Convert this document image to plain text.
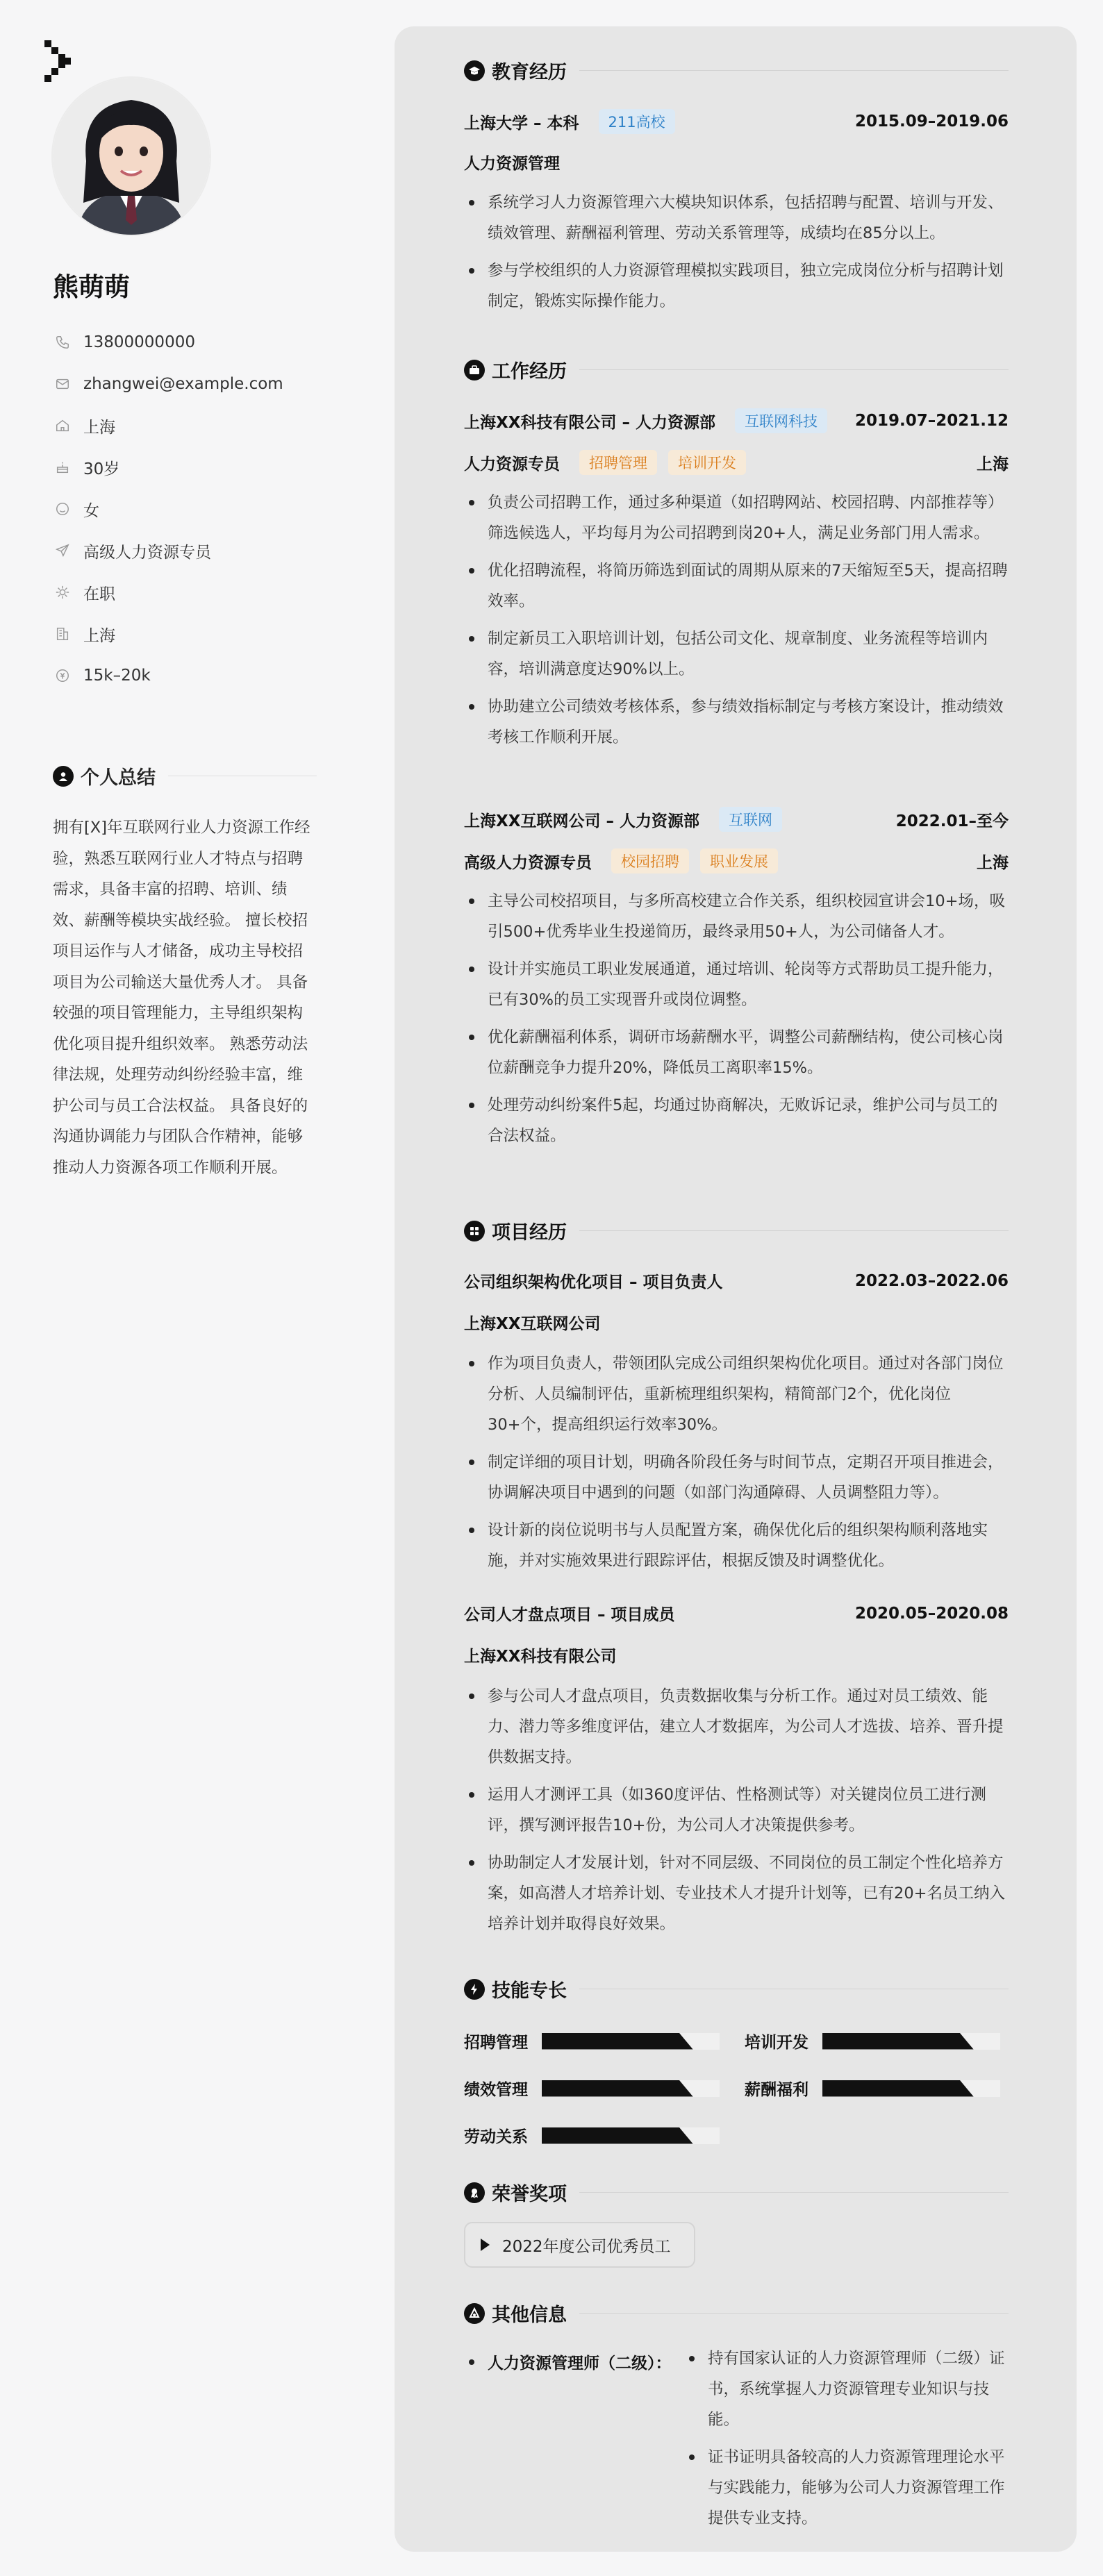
熊萌萌
13800000000
zhangwei@example.com
上海
30岁
女
高级人力资源专员
在职
上海
15k–20k
个人总结
拥有[X]年互联网行业人力资源工作经验，熟悉互联网行业人才特点与招聘需求，具备丰富的招聘、培训、绩效、薪酬等模块实战经验。 擅长校招项目运作与人才储备，成功主导校招项目为公司输送大量优秀人才。 具备较强的项目管理能力，主导组织架构优化项目提升组织效率。 熟悉劳动法律法规，处理劳动纠纷经验丰富，维护公司与员工合法权益。 具备良好的沟通协调能力与团队合作精神，能够推动人力资源各项工作顺利开展。
教育经历
上海大学 – 本科	211高校	2015.09–2019.06
人力资源管理
系统学习人力资源管理六大模块知识体系，包括招聘与配置、培训与开发、绩效管理、薪酬福利管理、劳动关系管理等，成绩均在85分以上。
参与学校组织的人力资源管理模拟实践项目，独立完成岗位分析与招聘计划制定，锻炼实际操作能力。
工作经历
上海XX科技有限公司 – 人力资源部	互联网科技	2019.07–2021.12
人力资源专员	招聘管理	培训开发	上海
负责公司招聘工作，通过多种渠道（如招聘网站、校园招聘、内部推荐等）筛选候选人，平均每月为公司招聘到岗20+人，满足业务部门用人需求。
优化招聘流程，将简历筛选到面试的周期从原来的7天缩短至5天，提高招聘效率。
制定新员工入职培训计划，包括公司文化、规章制度、业务流程等培训内容，培训满意度达90%以上。
协助建立公司绩效考核体系，参与绩效指标制定与考核方案设计，推动绩效考核工作顺利开展。
上海XX互联网公司 – 人力资源部	互联网	2022.01–至今
高级人力资源专员	校园招聘	职业发展	上海
主导公司校招项目，与多所高校建立合作关系，组织校园宣讲会10+场，吸引500+优秀毕业生投递简历，最终录用50+人，为公司储备人才。
设计并实施员工职业发展通道，通过培训、轮岗等方式帮助员工提升能力，已有30%的员工实现晋升或岗位调整。
优化薪酬福利体系，调研市场薪酬水平，调整公司薪酬结构，使公司核心岗位薪酬竞争力提升20%，降低员工离职率15%。
处理劳动纠纷案件5起，均通过协商解决，无败诉记录，维护公司与员工的合法权益。
项目经历
公司组织架构优化项目 – 项目负责人	2022.03–2022.06
上海XX互联网公司
作为项目负责人，带领团队完成公司组织架构优化项目。通过对各部门岗位分析、人员编制评估，重新梳理组织架构，精简部门2个，优化岗位30+个，提高组织运行效率30%。
制定详细的项目计划，明确各阶段任务与时间节点，定期召开项目推进会，协调解决项目中遇到的问题（如部门沟通障碍、人员调整阻力等）。
设计新的岗位说明书与人员配置方案，确保优化后的组织架构顺利落地实施，并对实施效果进行跟踪评估，根据反馈及时调整优化。
公司人才盘点项目 – 项目成员	2020.05–2020.08
上海XX科技有限公司
参与公司人才盘点项目，负责数据收集与分析工作。通过对员工绩效、能力、潜力等多维度评估，建立人才数据库，为公司人才选拔、培养、晋升提供数据支持。
运用人才测评工具（如360度评估、性格测试等）对关键岗位员工进行测评，撰写测评报告10+份，为公司人才决策提供参考。
协助制定人才发展计划，针对不同层级、不同岗位的员工制定个性化培养方案，如高潜人才培养计划、专业技术人才提升计划等，已有20+名员工纳入培养计划并取得良好效果。
技能专长
招聘管理	培训开发
绩效管理	薪酬福利
劳动关系
荣誉奖项
2022年度公司优秀员工
其他信息
人力资源管理师（二级）：	持有国家认证的人力资源管理师（二级）证书，系统掌握人力资源管理专业知识与技能。
证书证明具备较高的人力资源管理理论水平与实践能力，能够为公司人力资源管理工作提供专业支持。
